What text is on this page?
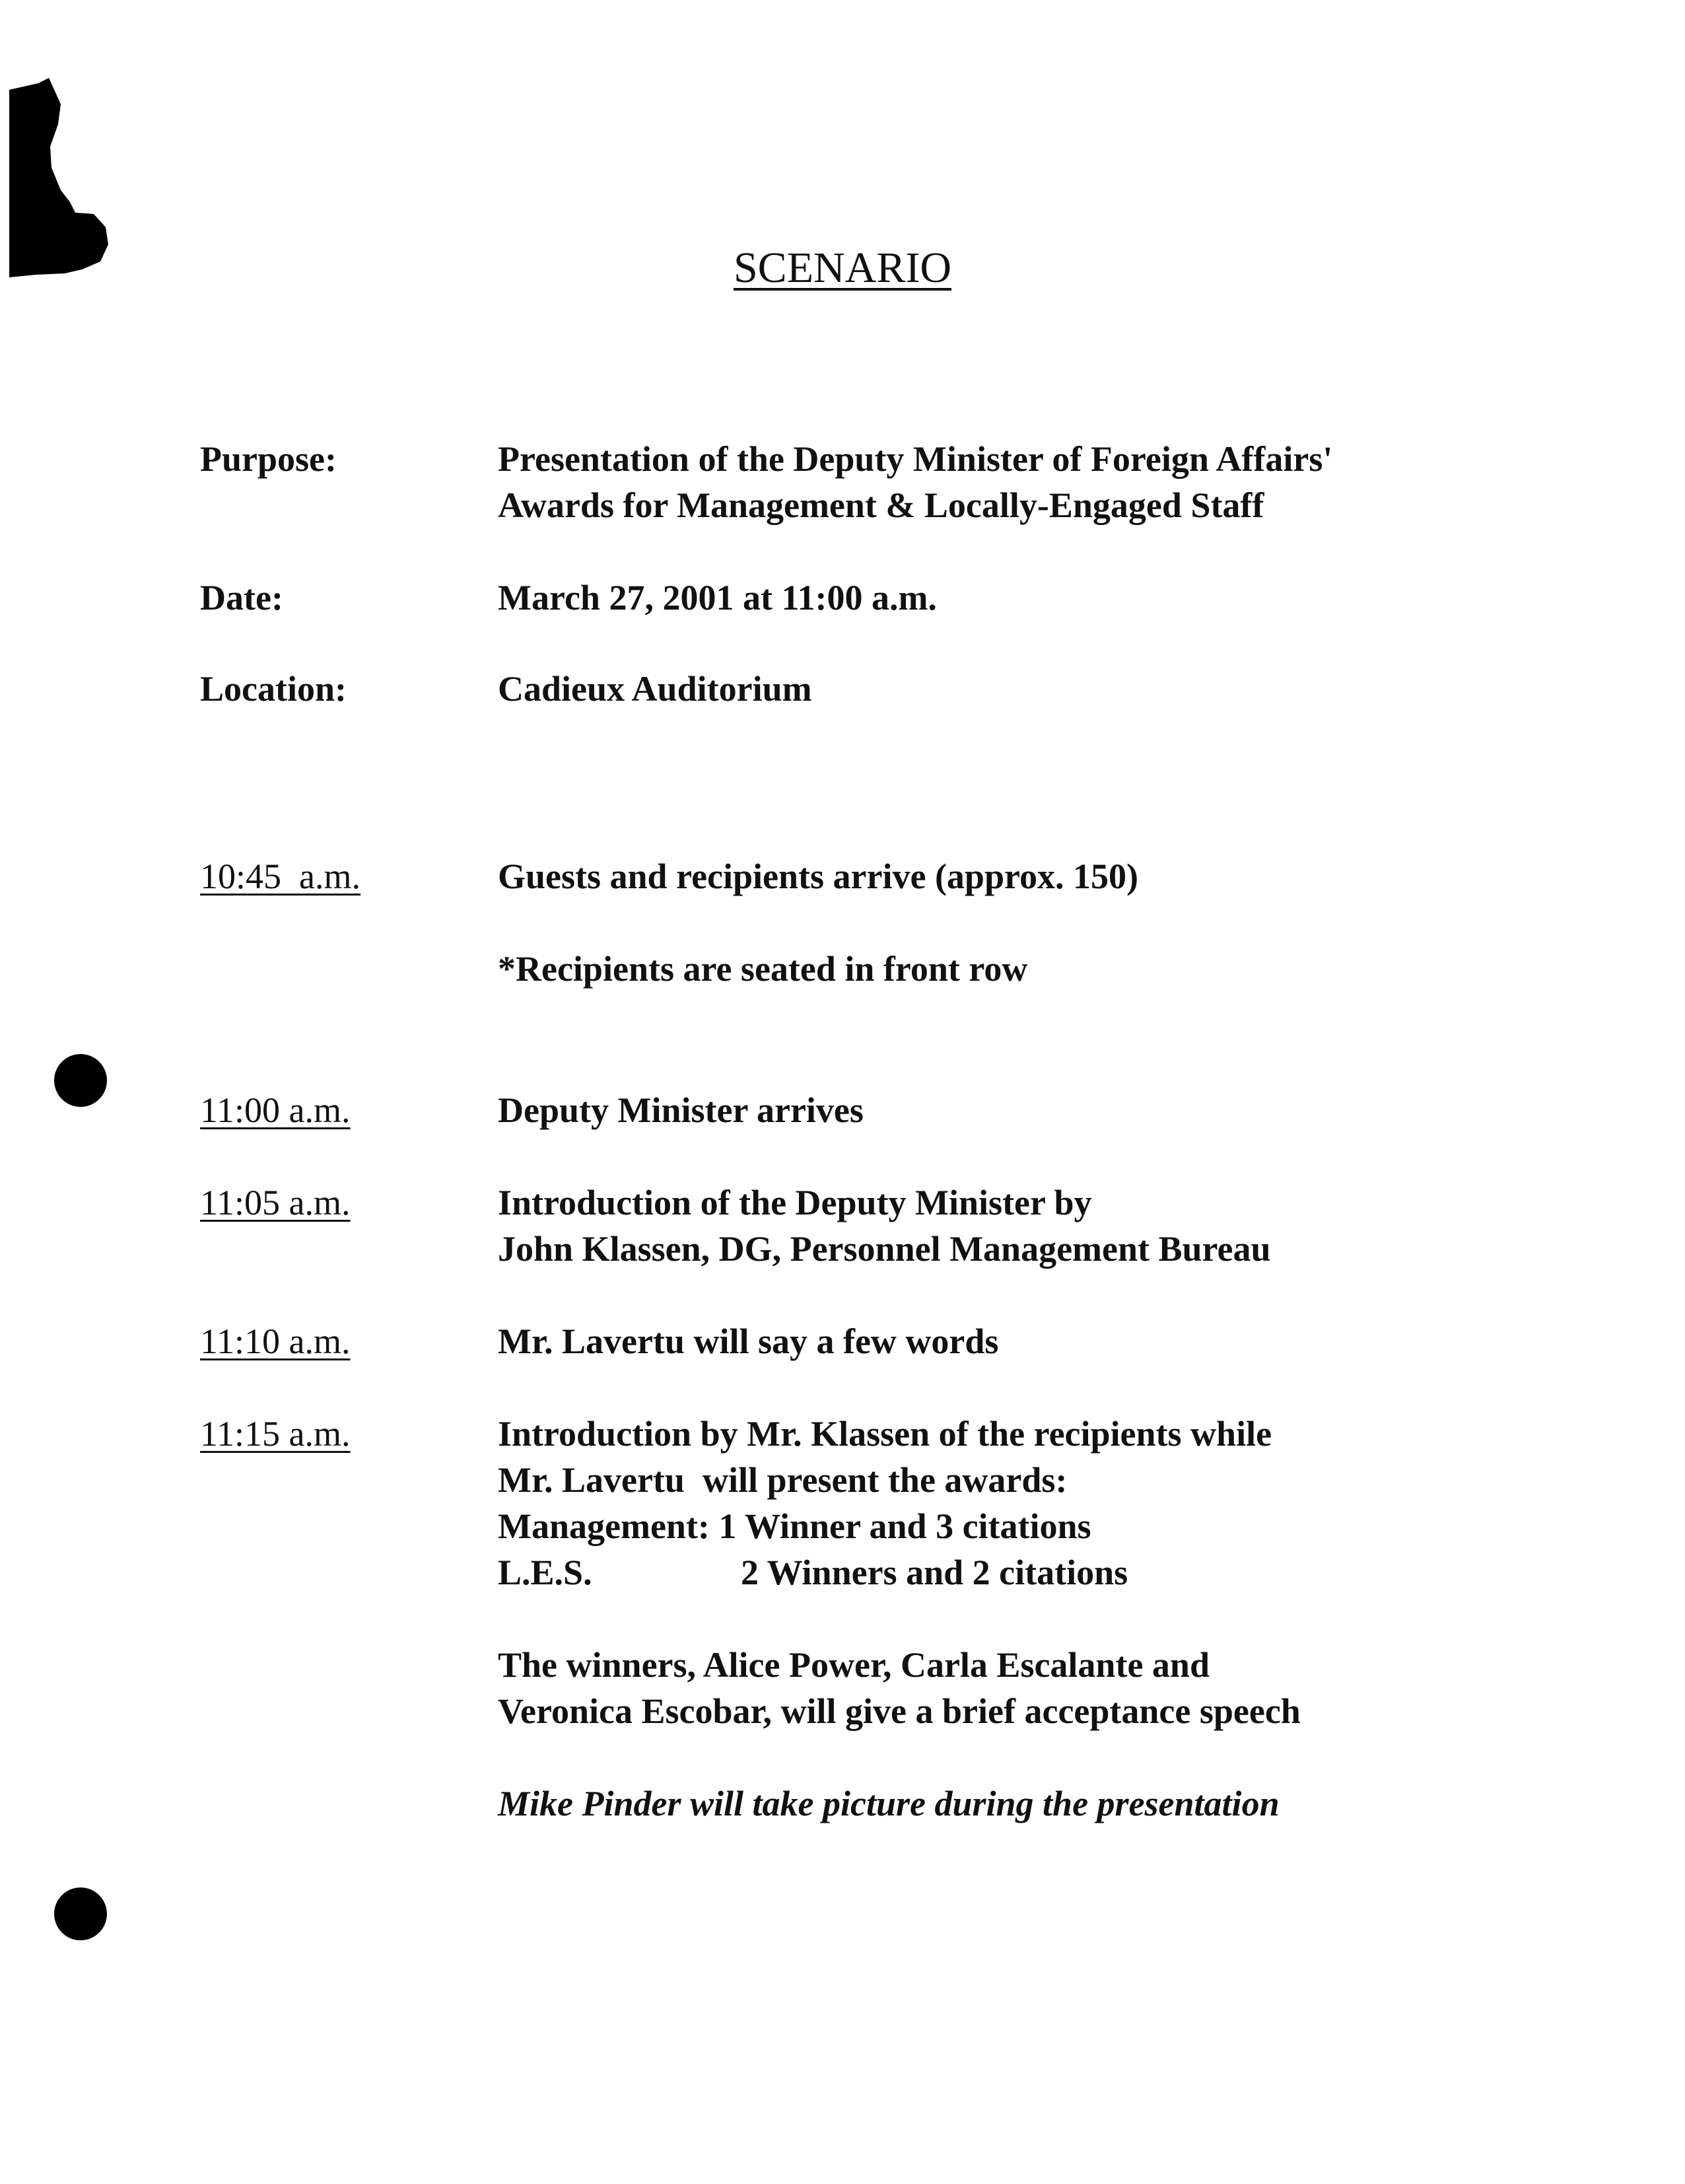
SCENARIO
Purpose:	Presentation of the Deputy Minister of Foreign Affairs'
Awards for Management & Locally-Engaged Staff
Date:	March 27, 2001 at 11:00 a.m.
Location:	Cadieux Auditorium
10:45  a.m.	Guests and recipients arrive (approx. 150)
*Recipients are seated in front row
11:00 a.m.	Deputy Minister arrives
11:05 a.m.	Introduction of the Deputy Minister by
John Klassen, DG, Personnel Management Bureau
11:10 a.m.	Mr. Lavertu will say a few words
11:15 a.m.	Introduction by Mr. Klassen of the recipients while
Mr. Lavertu  will present the awards:
Management: 1 Winner and 3 citations
L.E.S.	2 Winners and 2 citations
The winners, Alice Power, Carla Escalante and
Veronica Escobar, will give a brief acceptance speech
Mike Pinder will take picture during the presentation
